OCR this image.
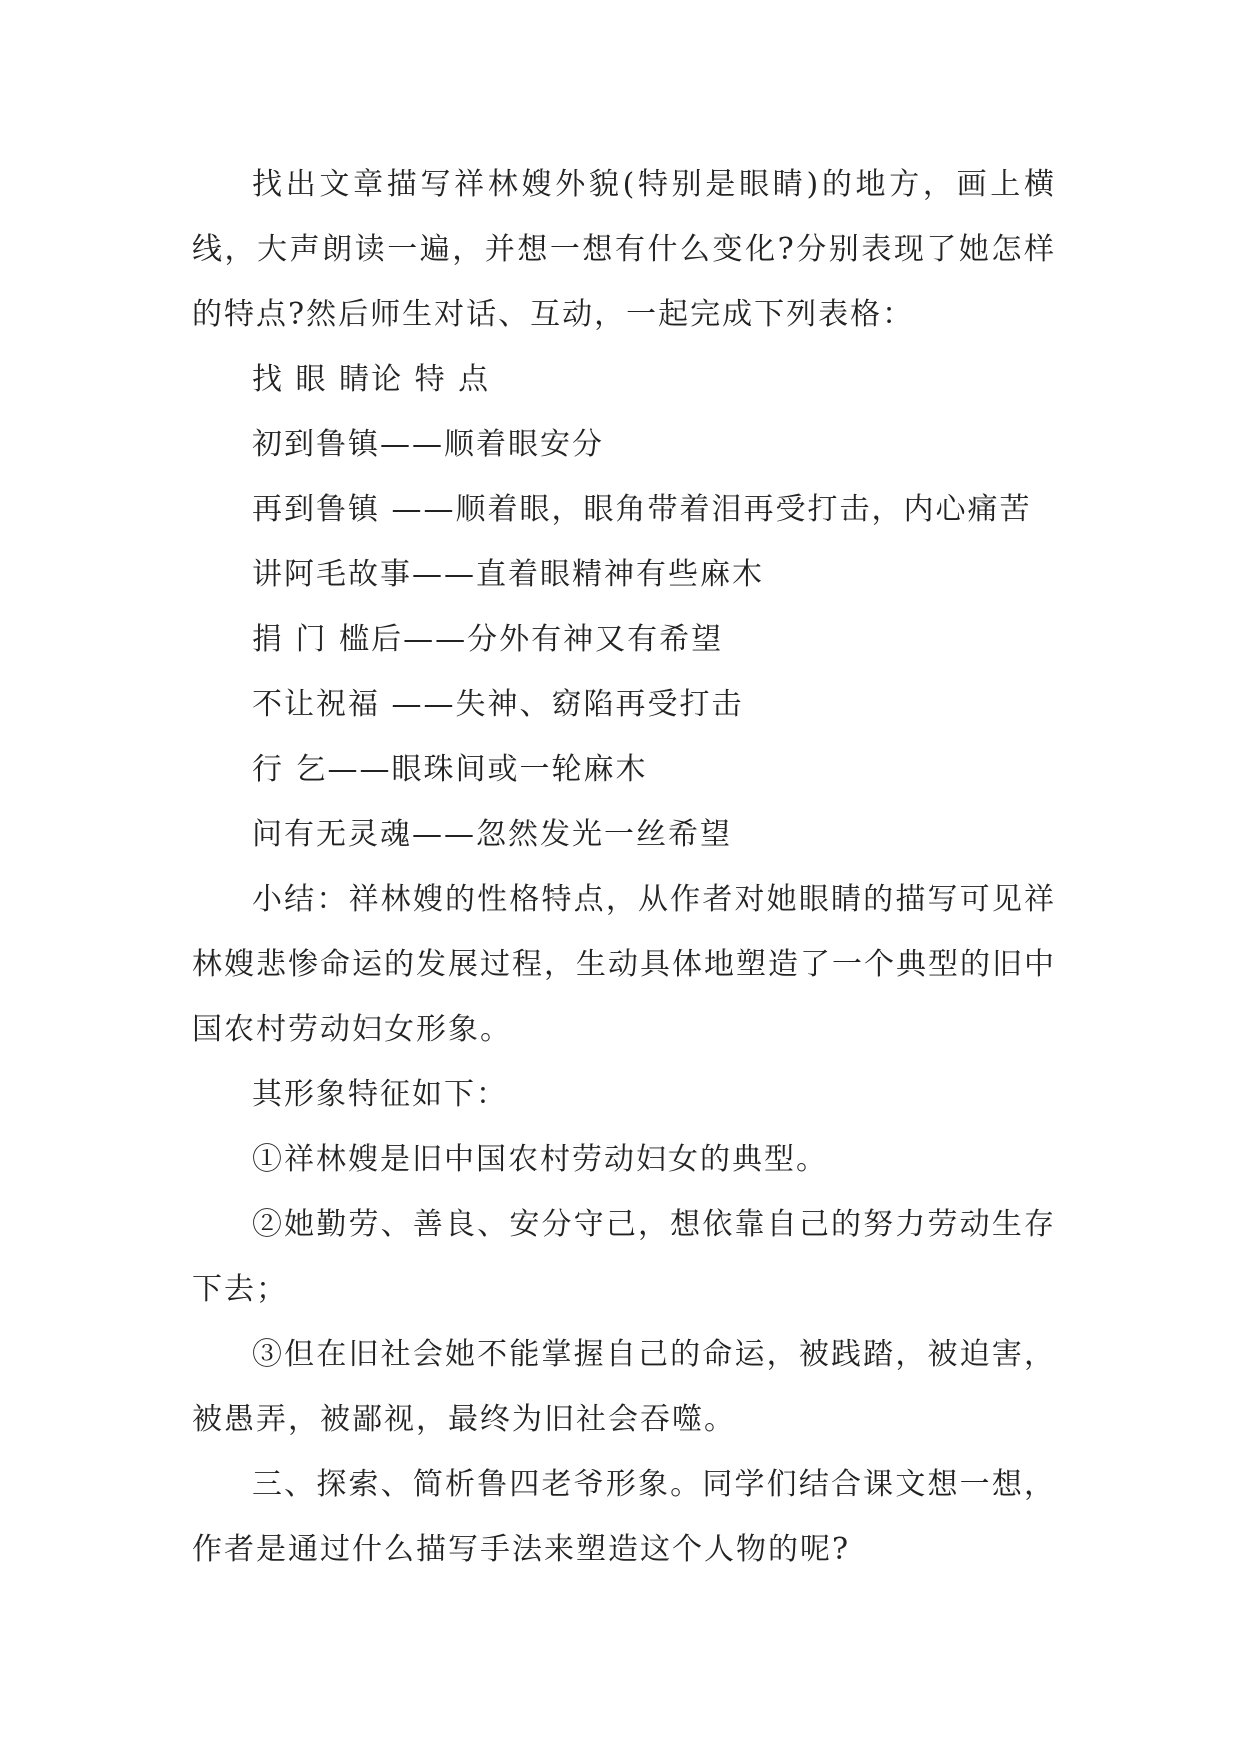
找出文章描写祥林嫂外貌(特别是眼睛)的地方，画上横线，大声朗读一遍，并想一想有什么变化?分别表现了她怎样的特点?然后师生对话、互动，一起完成下列表格：

找 眼 睛论 特 点

初到鲁镇——顺着眼安分

再到鲁镇 ——顺着眼，眼角带着泪再受打击，内心痛苦

讲阿毛故事——直着眼精神有些麻木

捐 门 槛后——分外有神又有希望

不让祝福 ——失神、窈陷再受打击

行 乞——眼珠间或一轮麻木

问有无灵魂——忽然发光一丝希望

小结：祥林嫂的性格特点，从作者对她眼睛的描写可见祥林嫂悲惨命运的发展过程，生动具体地塑造了一个典型的旧中国农村劳动妇女形象。

其形象特征如下：

①祥林嫂是旧中国农村劳动妇女的典型。

②她勤劳、善良、安分守己，想依靠自己的努力劳动生存下去；

③但在旧社会她不能掌握自己的命运，被践踏，被迫害，被愚弄，被鄙视，最终为旧社会吞噬。

三、探索、简析鲁四老爷形象。同学们结合课文想一想，作者是通过什么描写手法来塑造这个人物的呢?
